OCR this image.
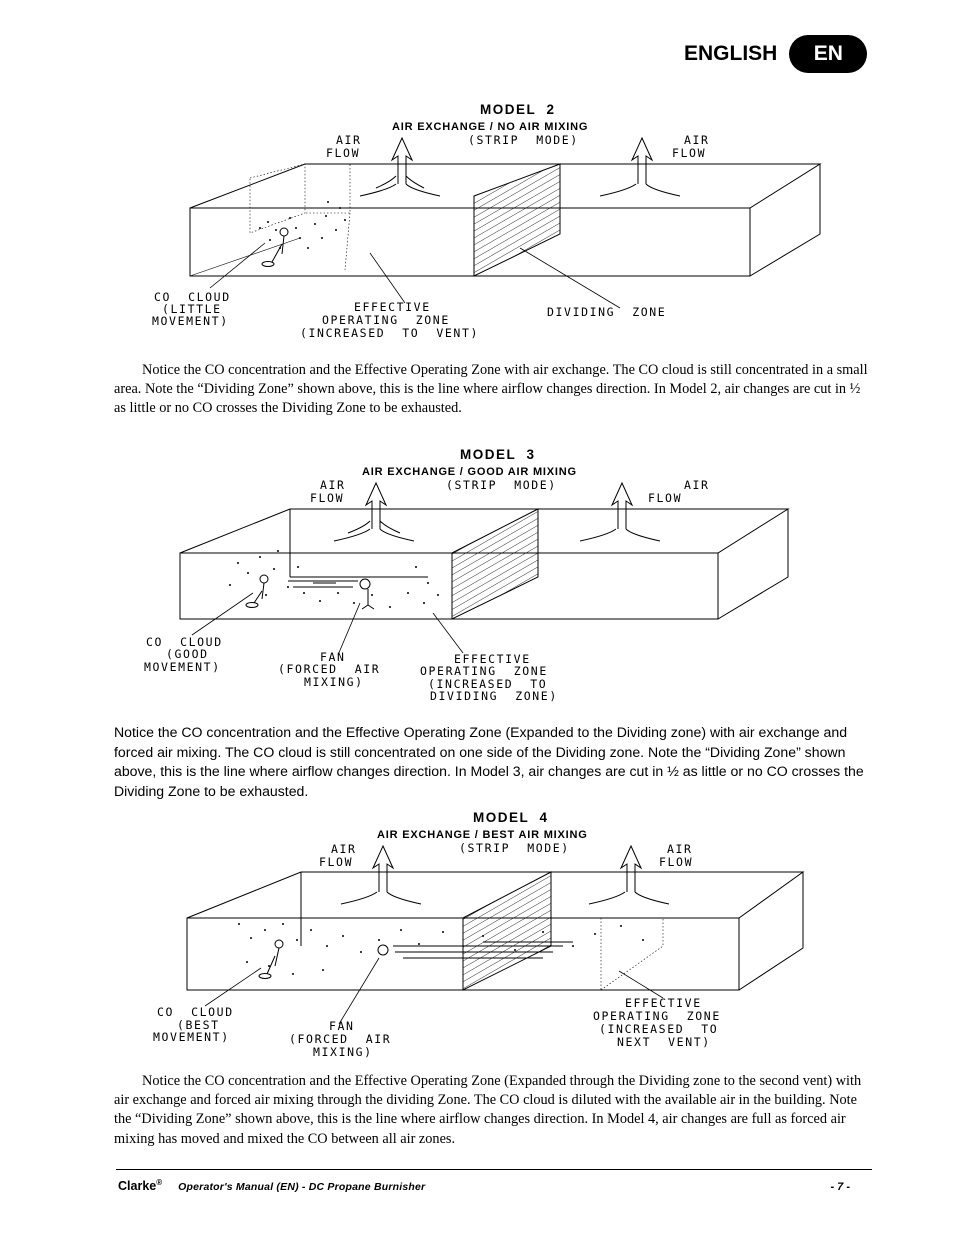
ENGLISH	EN
MODEL  2
AIR EXCHANGE / NO AIR MIXING
(STRIP  MODE)
AIR
FLOW
AIR
FLOW
CO  CLOUD
(LITTLE
MOVEMENT)
EFFECTIVE
OPERATING  ZONE
(INCREASED  TO  VENT)
DIVIDING  ZONE

Notice the CO concentration and the Effective Operating Zone with air exchange. The CO cloud is still concentrated in a small area. Note the “Dividing Zone” shown above, this is the line where airflow changes direction. In Model 2, air changes are cut in ½ as little or no CO crosses the Dividing Zone to be exhausted.

MODEL  3
AIR EXCHANGE / GOOD AIR MIXING
(STRIP  MODE)
AIR
FLOW
AIR
FLOW
CO  CLOUD
(GOOD
MOVEMENT)
FAN
(FORCED  AIR
MIXING)
EFFECTIVE
OPERATING  ZONE
(INCREASED  TO
DIVIDING  ZONE)

Notice the CO concentration and the Effective Operating Zone (Expanded to the Dividing zone) with air exchange and forced air mixing. The CO cloud is still concentrated on one side of the Dividing zone. Note the “Dividing Zone” shown above, this is the line where airflow changes direction. In Model 3, air changes are cut in ½ as little or no CO crosses the Dividing Zone to be exhausted.

MODEL  4
AIR EXCHANGE / BEST AIR MIXING
(STRIP  MODE)
AIR
FLOW
AIR
FLOW
CO  CLOUD
(BEST
MOVEMENT)
FAN
(FORCED  AIR
MIXING)
EFFECTIVE
OPERATING  ZONE
(INCREASED  TO
NEXT  VENT)

Notice the CO concentration and the Effective Operating Zone (Expanded through the Dividing zone to the second vent) with air exchange and forced air mixing through the dividing Zone. The CO cloud is diluted with the available air in the building. Note the “Dividing Zone” shown above, this is the line where airflow changes direction. In Model 4, air changes are full as forced air mixing has moved and mixed the CO between all air zones.

Clarke® Operator's Manual (EN) - DC Propane Burnisher	- 7 -
